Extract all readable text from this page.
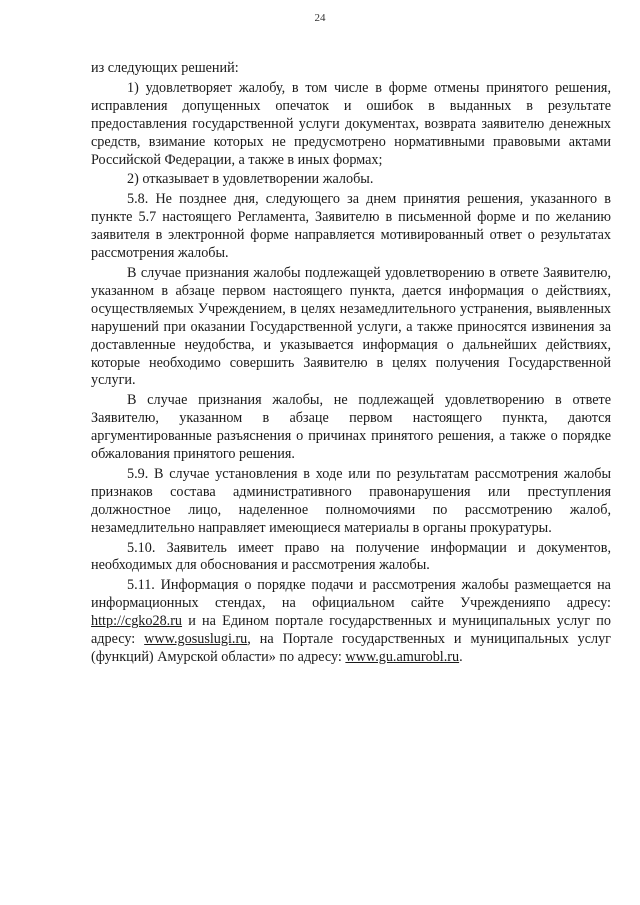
24

из следующих решений:

1) удовлетворяет жалобу, в том числе в форме отмены принятого решения, исправления допущенных опечаток и ошибок в выданных в результате предоставления государственной услуги документах, возврата заявителю денежных средств, взимание которых не предусмотрено нормативными правовыми актами Российской Федерации, а также в иных формах;

2) отказывает в удовлетворении жалобы.

5.8. Не позднее дня, следующего за днем принятия решения, указанного в пункте 5.7 настоящего Регламента, Заявителю в письменной форме и по желанию заявителя в электронной форме направляется мотивированный ответ о результатах рассмотрения жалобы.

В случае признания жалобы подлежащей удовлетворению в ответе Заявителю, указанном в абзаце первом настоящего пункта, дается информация о действиях, осуществляемых Учреждением, в целях незамедлительного устранения, выявленных нарушений при оказании Государственной услуги, а также приносятся извинения за доставленные неудобства, и указывается информация о дальнейших действиях, которые необходимо совершить Заявителю в целях получения Государственной услуги.

В случае признания жалобы, не подлежащей удовлетворению в ответе Заявителю, указанном в абзаце первом настоящего пункта, даются аргументированные разъяснения о причинах принятого решения, а также о порядке обжалования принятого решения.

5.9. В случае установления в ходе или по результатам рассмотрения жалобы признаков состава административного правонарушения или преступления должностное лицо, наделенное полномочиями по рассмотрению жалоб, незамедлительно направляет имеющиеся материалы в органы прокуратуры.

5.10. Заявитель имеет право на получение информации и документов, необходимых для обоснования и рассмотрения жалобы.

5.11. Информация о порядке подачи и рассмотрения жалобы размещается на информационных стендах, на официальном сайте Учрежденияпо адресу: http://cgko28.ru и на Едином портале государственных и муниципальных услуг по адресу: www.gosuslugi.ru, на Портале государственных и муниципальных услуг (функций) Амурской области» по адресу: www.gu.amurobl.ru.
